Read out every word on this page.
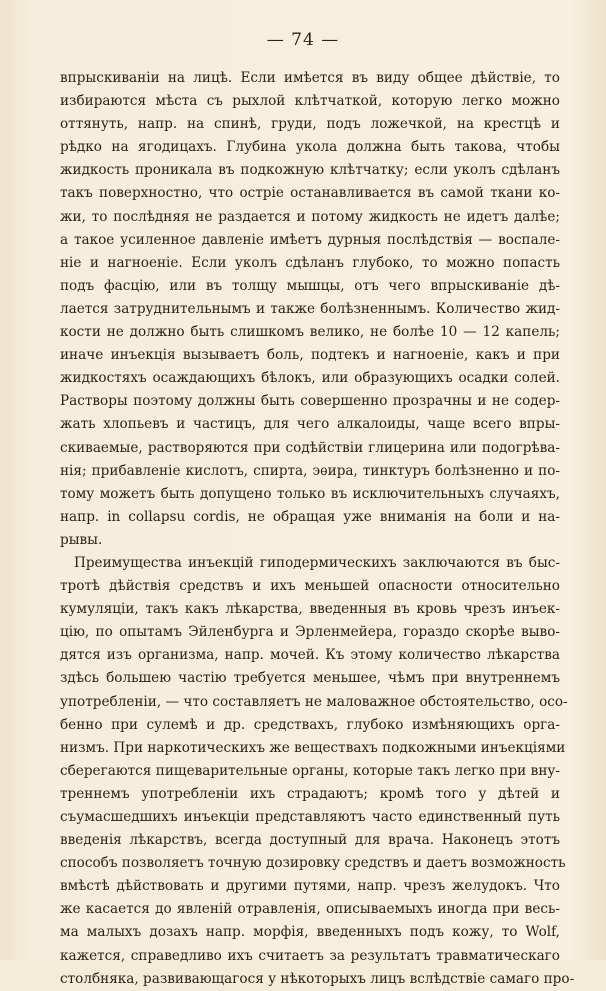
— 74 —
впрыскиваніи на лицѣ. Если имѣется въ виду общее дѣйствіе, то
избираются мѣста съ рыхлой клѣтчаткой, которую легко можно
оттянуть, напр. на спинѣ, груди, подъ ложечкой, на крестцѣ и
рѣдко на ягодицахъ. Глубина укола должна быть такова, чтобы
жидкость проникала въ подкожную клѣтчатку; если уколъ сдѣланъ
такъ поверхностно, что остріе останавливается въ самой ткани ко-
жи, то послѣдняя не раздается и потому жидкость не идетъ далѣе;
а такое усиленное давленіе имѣетъ дурныя послѣдствія — воспале-
ніе и нагноеніе. Если уколъ сдѣланъ глубоко, то можно попасть
подъ фасцію, или въ толщу мышцы, отъ чего впрыскиваніе дѣ-
лается затруднительнымъ и также болѣзненнымъ. Количество жид-
кости не должно быть слишкомъ велико, не болѣе 10 — 12 капель;
иначе инъекція вызываетъ боль, подтекъ и нагноеніе, какъ и при
жидкостяхъ осаждающихъ бѣлокъ, или образующихъ осадки солей.
Растворы поэтому должны быть совершенно прозрачны и не содер-
жать хлопьевъ и частицъ, для чего алкалоиды, чаще всего впры-
скиваемые, растворяются при содѣйствіи глицерина или подогрѣва-
нія; прибавленіе кислотъ, спирта, эѳира, тинктуръ болѣзненно и по-
тому можетъ быть допущено только въ исключительныхъ случаяхъ,
напр. in collapsu cordis, не обращая уже вниманія на боли и на-
рывы.
Преимущества инъекцій гиподермическихъ заключаются въ быс-
тротѣ дѣйствія средствъ и ихъ меньшей опасности относительно
кумуляціи, такъ какъ лѣкарства, введенныя въ кровь чрезъ инъек-
цію, по опытамъ Эйленбурга и Эрленмейера, гораздо скорѣе выво-
дятся изъ организма, напр. мочей. Къ этому количество лѣкарства
здѣсь большею частію требуется меньшее, чѣмъ при внутреннемъ
употребленіи, — что составляетъ не маловажное обстоятельство, осо-
бенно при сулемѣ и др. средствахъ, глубоко измѣняющихъ орга-
низмъ. При наркотическихъ же веществахъ подкожными инъекціями
сберегаются пищеварительные органы, которые такъ легко при вну-
треннемъ употребленіи ихъ страдаютъ; кромѣ того у дѣтей и
съумасшедшихъ инъекціи представляютъ часто единственный путь
введенія лѣкарствъ, всегда доступный для врача. Наконецъ этотъ
способъ позволяетъ точную дозировку средствъ и даетъ возможность
вмѣстѣ дѣйствовать и другими путями, напр. чрезъ желудокъ. Что
же касается до явленій отравленія, описываемыхъ иногда при весь-
ма малыхъ дозахъ напр. морфія, введенныхъ подъ кожу, то Wolf,
кажется, справедливо ихъ считаетъ за результатъ травматическаго
столбняка, развивающагося у нѣкоторыхъ лицъ вслѣдствіе самаго про-
